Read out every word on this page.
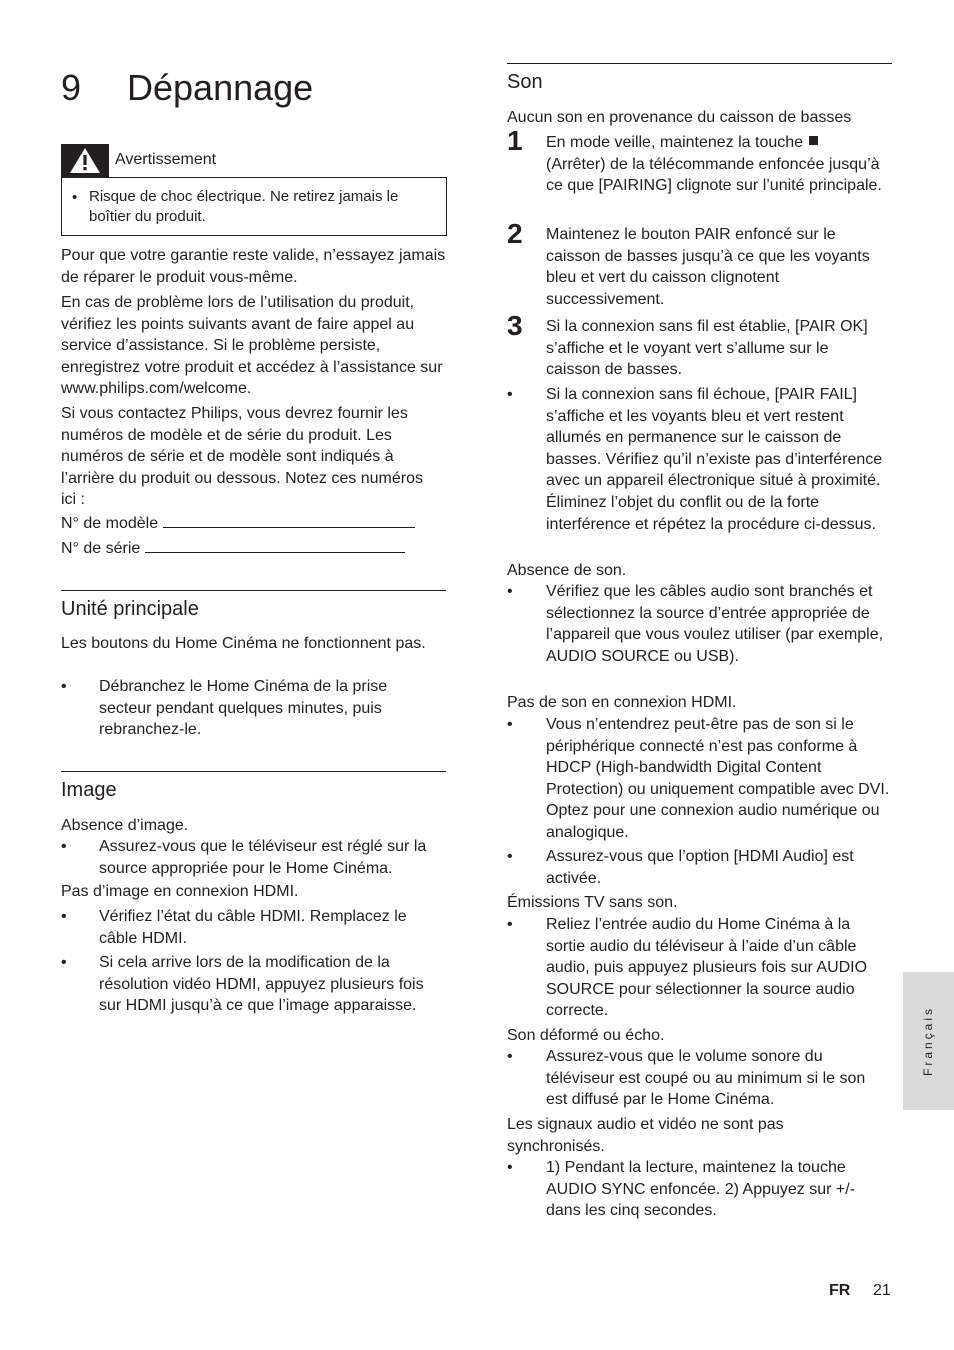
9 Dépannage
Avertissement
• Risque de choc électrique. Ne retirez jamais le boîtier du produit.

Pour que votre garantie reste valide, n’essayez jamais de réparer le produit vous-même.

En cas de problème lors de l’utilisation du produit, vérifiez les points suivants avant de faire appel au service d’assistance. Si le problème persiste, enregistrez votre produit et accédez à l’assistance sur www.philips.com/welcome.

Si vous contactez Philips, vous devrez fournir les numéros de modèle et de série du produit. Les numéros de série et de modèle sont indiqués à l’arrière du produit ou dessous. Notez ces numéros ici :

N° de modèle
N° de série
Unité principale
Les boutons du Home Cinéma ne fonctionnent pas.
• Débranchez le Home Cinéma de la prise secteur pendant quelques minutes, puis rebranchez-le.
Image
Absence d’image.
• Assurez-vous que le téléviseur est réglé sur la source appropriée pour le Home Cinéma.
Pas d’image en connexion HDMI.
• Vérifiez l’état du câble HDMI. Remplacez le câble HDMI.
• Si cela arrive lors de la modification de la résolution vidéo HDMI, appuyez plusieurs fois sur HDMI jusqu’à ce que l’image apparaisse.
Son
Aucun son en provenance du caisson de basses
1 En mode veille, maintenez la touche
(Arrêter) de la télécommande enfoncée jusqu’à ce que [PAIRING] clignote sur l’unité principale.
2 Maintenez le bouton PAIR enfoncé sur le caisson de basses jusqu’à ce que les voyants bleu et vert du caisson clignotent successivement.
3 Si la connexion sans fil est établie, [PAIR OK] s’affiche et le voyant vert s’allume sur le caisson de basses.
• Si la connexion sans fil échoue, [PAIR FAIL] s’affiche et les voyants bleu et vert restent allumés en permanence sur le caisson de basses. Vérifiez qu’il n’existe pas d’interférence avec un appareil électronique situé à proximité. Éliminez l’objet du conflit ou de la forte interférence et répétez la procédure ci-dessus.
Absence de son.
• Vérifiez que les câbles audio sont branchés et sélectionnez la source d’entrée appropriée de l’appareil que vous voulez utiliser (par exemple, AUDIO SOURCE ou USB).
Pas de son en connexion HDMI.
• Vous n’entendrez peut-être pas de son si le périphérique connecté n’est pas conforme à HDCP (High-bandwidth Digital Content Protection) ou uniquement compatible avec DVI. Optez pour une connexion audio numérique ou analogique.
• Assurez-vous que l’option [HDMI Audio] est activée.
Émissions TV sans son.
• Reliez l’entrée audio du Home Cinéma à la sortie audio du téléviseur à l’aide d’un câble audio, puis appuyez plusieurs fois sur AUDIO SOURCE pour sélectionner la source audio correcte.
Son déformé ou écho.
• Assurez-vous que le volume sonore du téléviseur est coupé ou au minimum si le son est diffusé par le Home Cinéma.
Les signaux audio et vidéo ne sont pas synchronisés.
• 1) Pendant la lecture, maintenez la touche AUDIO SYNC enfoncée. 2) Appuyez sur +/- dans les cinq secondes.
Français
FR 21
